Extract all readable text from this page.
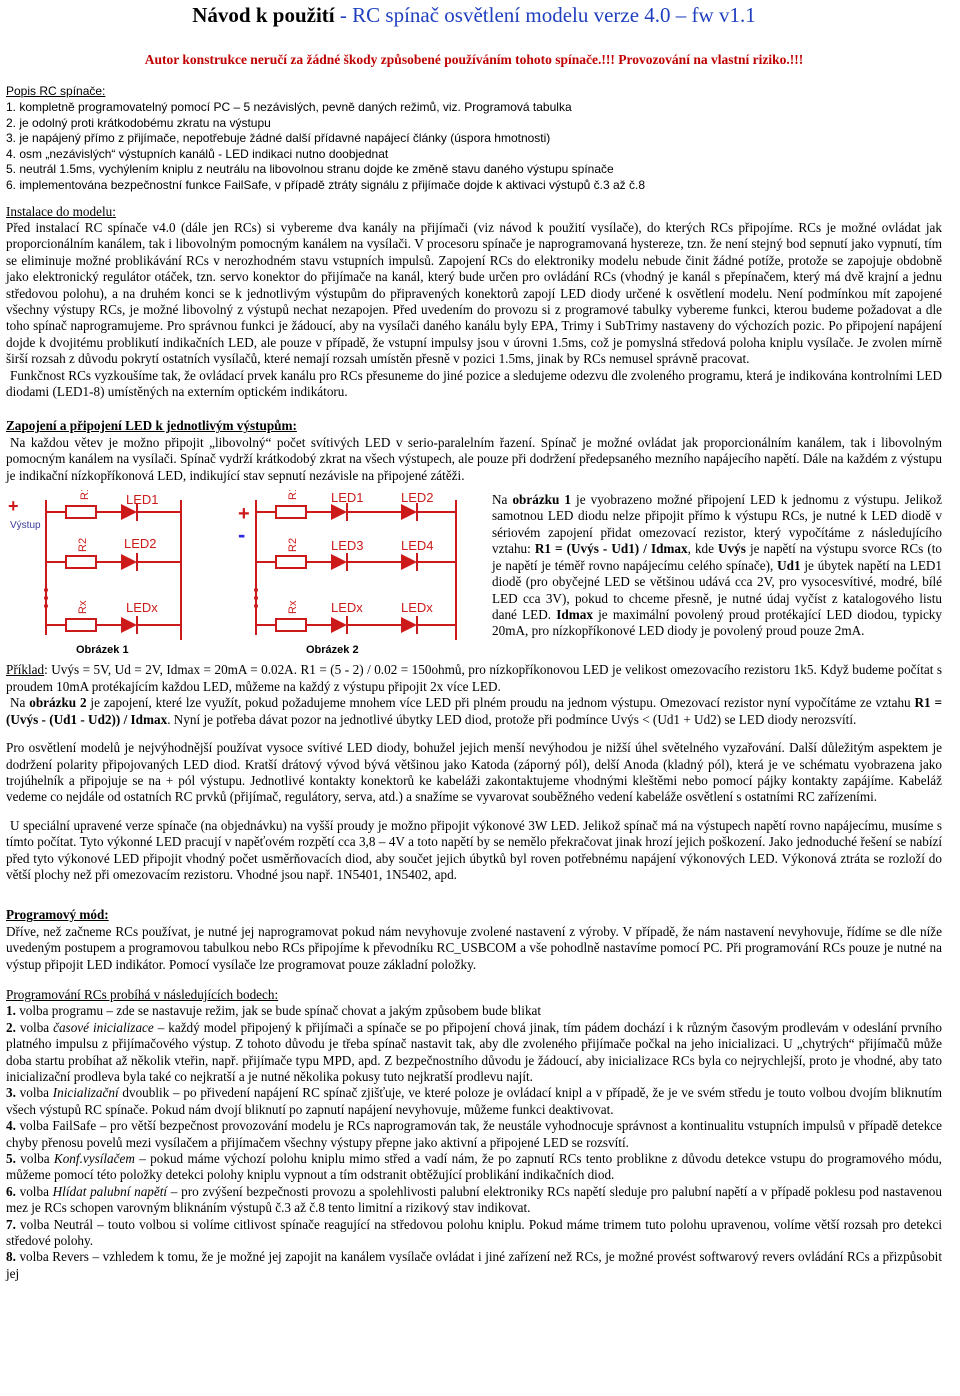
Návod k použití - RC spínač osvětlení modelu verze 4.0 – fw v1.1
Autor konstrukce neručí za žádné škody způsobené používáním tohoto spínače.!!! Provozování na vlastní riziko.!!!
Popis RC spínače:
1. kompletně programovatelný pomocí PC – 5 nezávislých, pevně daných režimů, viz. Programová tabulka
2. je odolný proti krátkodobému zkratu na výstupu
3. je napájený přímo z přijímače, nepotřebuje žádné další přídavné napájecí články (úspora hmotnosti)
4. osm „nezávislých“ výstupních kanálů - LED indikaci nutno doobjednat
5. neutrál 1.5ms, vychýlením kniplu z neutrálu na libovolnou stranu dojde ke změně stavu daného výstupu spínače
6. implementována bezpečnostní funkce FailSafe, v případě ztráty signálu z přijímače dojde k aktivaci výstupů č.3 až č.8
Instalace do modelu:

Před instalací RC spínače v4.0 (dále jen RCs) si vybereme dva kanály na přijímači (viz návod k použití vysílače), do kterých RCs připojíme. RCs je možné ovládat jak proporcionálním kanálem, tak i libovolným pomocným kanálem na vysílači. V procesoru spínače je naprogramovaná hystereze, tzn. že není stejný bod sepnutí jako vypnutí, tím se eliminuje možné problikávání RCs v nerozhodném stavu vstupních impulsů. Zapojení RCs do elektroniky modelu nebude činit žádné potíže, protože se zapojuje obdobně jako elektronický regulátor otáček, tzn. servo konektor do přijímače na kanál, který bude určen pro ovládání RCs (vhodný je kanál s přepínačem, který má dvě krajní a jednu středovou polohu), a na druhém konci se k jednotlivým výstupům do připravených konektorů zapojí LED diody určené k osvětlení modelu. Není podmínkou mít zapojené všechny výstupy RCs, je možné libovolný z výstupů nechat nezapojen. Před uvedením do provozu si z programové tabulky vybereme funkci, kterou budeme požadovat a dle toho spínač naprogramujeme. Pro správnou funkci je žádoucí, aby na vysílači daného kanálu byly EPA, Trimy i SubTrimy nastaveny do výchozích pozic. Po připojení napájení dojde k dvojitému problikutí indikačních LED, ale pouze v případě, že vstupní impulsy jsou v úrovni 1.5ms, což je pomyslná středová poloha kniplu vysílače. Je zvolen mírně širší rozsah z důvodu pokrytí ostatních vysílačů, které nemají rozsah umístěn přesně v pozici 1.5ms, jinak by RCs nemusel správně pracovat.

Funkčnost RCs vyzkoušíme tak, že ovládací prvek kanálu pro RCs přesuneme do jiné pozice a sledujeme odezvu dle zvoleného programu, která je indikována kontrolními LED diodami (LED1-8) umístěných na externím optickém indikátoru.

Zapojení a připojení LED k jednotlivým výstupům:

Na každou větev je možno připojit „libovolný“ počet svítivých LED v serio-paralelním řazení. Spínač je možné ovládat jak proporcionálním kanálem, tak i libovolným pomocným kanálem na vysílači. Spínač vydrží krátkodobý zkrat na všech výstupech, ale pouze při dodržení předepsaného mezního napájecího napětí. Dále na každém z výstupu je indikační nízkopříkonová LED, indikující stav sepnutí nezávisle na připojené zátěži.

+
Výstup
R1
R2
Rx
LED1
LED2
LEDx
Obrázek 1
+
-
R1
R2
Rx
LED1	LED2
LED3	LED4
LEDx	LEDx
Obrázek 2
Na obrázku 1 je vyobrazeno možné připojení LED k jednomu z výstupu. Jelikož samotnou LED diodu nelze připojit přímo k výstupu RCs, je nutné k LED diodě v sériovém zapojení přidat omezovací rezistor, který vypočítáme z následujícího vztahu: R1 = (Uvýs - Ud1) / Idmax, kde Uvýs je napětí na výstupu svorce RCs (to je napětí je téměř rovno napájecímu celého spínače), Ud1 je úbytek napětí na LED1 diodě (pro obyčejné LED se většinou udává cca 2V, pro vysocesvítivé, modré, bílé LED cca 3V), pokud to chceme přesně, je nutné údaj vyčíst z katalogového listu dané LED. Idmax je maximální povolený proud protékající LED diodou, typicky 20mA, pro nízkopříkonové LED diody je povolený proud pouze 2mA.

Příklad: Uvýs = 5V, Ud = 2V, Idmax = 20mA = 0.02A. R1 = (5 - 2) / 0.02 = 150ohmů, pro nízkopříkonovou LED je velikost omezovacího rezistoru 1k5. Když budeme počítat s proudem 10mA protékajícím každou LED, můžeme na každý z výstupu připojit 2x více LED.

Na obrázku 2 je zapojení, které lze využít, pokud požadujeme mnohem více LED při plném proudu na jednom výstupu. Omezovací rezistor nyní vypočítáme ze vztahu R1 = (Uvýs - (Ud1 - Ud2)) / Idmax. Nyní je potřeba dávat pozor na jednotlivé úbytky LED diod, protože při podmínce Uvýs < (Ud1 + Ud2) se LED diody nerozsvítí.

Pro osvětlení modelů je nejvýhodnější používat vysoce svítivé LED diody, bohužel jejich menší nevýhodou je nižší úhel světelného vyzařování. Další důležitým aspektem je dodržení polarity připojovaných LED diod. Kratší drátový vývod bývá většinou jako Katoda (záporný pól), delší Anoda (kladný pól), která je ve schématu vyobrazena jako trojúhelník a připojuje se na + pól výstupu. Jednotlivé kontakty konektorů ke kabeláži zakontaktujeme vhodnými kleštěmi nebo pomocí pájky kontakty zapájíme. Kabeláž vedeme co nejdále od ostatních RC prvků (přijímač, regulátory, serva, atd.) a snažíme se vyvarovat souběžného vedení kabeláže osvětlení s ostatními RC zařízeními.

U speciální upravené verze spínače (na objednávku) na vyšší proudy je možno připojit výkonové 3W LED. Jelikož spínač má na výstupech napětí rovno napájecímu, musíme s tímto počítat. Tyto výkonné LED pracují v napěťovém rozpětí cca 3,8 – 4V a toto napětí by se nemělo překračovat jinak hrozí jejich poškození. Jako jednoduché řešení se nabízí před tyto výkonové LED připojit vhodný počet usměrňovacích diod, aby součet jejich úbytků byl roven potřebnému napájení výkonových LED. Výkonová ztráta se rozloží do větší plochy než při omezovacím rezistoru. Vhodné jsou např. 1N5401, 1N5402, apd.

Programový mód:

Dříve, než začneme RCs používat, je nutné jej naprogramovat pokud nám nevyhovuje zvolené nastavení z výroby. V případě, že nám nastavení nevyhovuje, řídíme se dle níže uvedeným postupem a programovou tabulkou nebo RCs připojíme k převodníku RC_USBCOM a vše pohodlně nastavíme pomocí PC. Při programování RCs pouze je nutné na výstup připojit LED indikátor. Pomocí vysílače lze programovat pouze základní položky.

Programování RCs probíhá v následujících bodech:

1. volba programu – zde se nastavuje režim, jak se bude spínač chovat a jakým způsobem bude blikat

2. volba časové inicializace – každý model připojený k přijímači a spínače se po připojení chová jinak, tím pádem dochází i k různým časovým prodlevám v odeslání prvního platného impulsu z přijímačového výstup. Z tohoto důvodu je třeba spínač nastavit tak, aby dle zvoleného přijímače počkal na jeho inicializaci. U „chytrých“ přijímačů může doba startu probíhat až několik vteřin, např. přijímače typu MPD, apd. Z bezpečnostního důvodu je žádoucí, aby inicializace RCs byla co nejrychlejší, proto je vhodné, aby tato inicializační prodleva byla také co nejkratší a je nutné několika pokusy tuto nejkratší prodlevu najít.

3. volba Inicializační dvoublik – po přivedení napájení RC spínač zjišťuje, ve které poloze je ovládací knipl a v případě, že je ve svém středu je touto volbou dvojím bliknutím všech výstupů RC spínače. Pokud nám dvojí bliknutí po zapnutí napájení nevyhovuje, můžeme funkci deaktivovat.

4. volba FailSafe – pro větší bezpečnost provozování modelu je RCs naprogramován tak, že neustále vyhodnocuje správnost a kontinualitu vstupních impulsů v případě detekce chyby přenosu povelů mezi vysílačem a přijímačem všechny výstupy přepne jako aktivní a připojené LED se rozsvítí.

5. volba Konf.vysílačem – pokud máme výchozí polohu kniplu mimo střed a vadí nám, že po zapnutí RCs tento problikne z důvodu detekce vstupu do programového módu, můžeme pomocí této položky detekci polohy kniplu vypnout a tím odstranit obtěžující problikání indikačních diod.

6. volba Hlídat palubní napětí – pro zvýšení bezpečnosti provozu a spolehlivosti palubní elektroniky RCs napětí sleduje pro palubní napětí a v případě poklesu pod nastavenou mez je RCs schopen varovným bliknáním výstupů č.3 až č.8 tento limitní a rizikový stav indikovat.

7. volba Neutrál – touto volbou si volíme citlivost spínače reagující na středovou polohu kniplu. Pokud máme trimem tuto polohu upravenou, volíme větší rozsah pro detekci středové polohy.

8. volba Revers – vzhledem k tomu, že je možné jej zapojit na kanálem vysílače ovládat i jiné zařízení než RCs, je možné provést softwarový revers ovládání RCs a přizpůsobit jej
